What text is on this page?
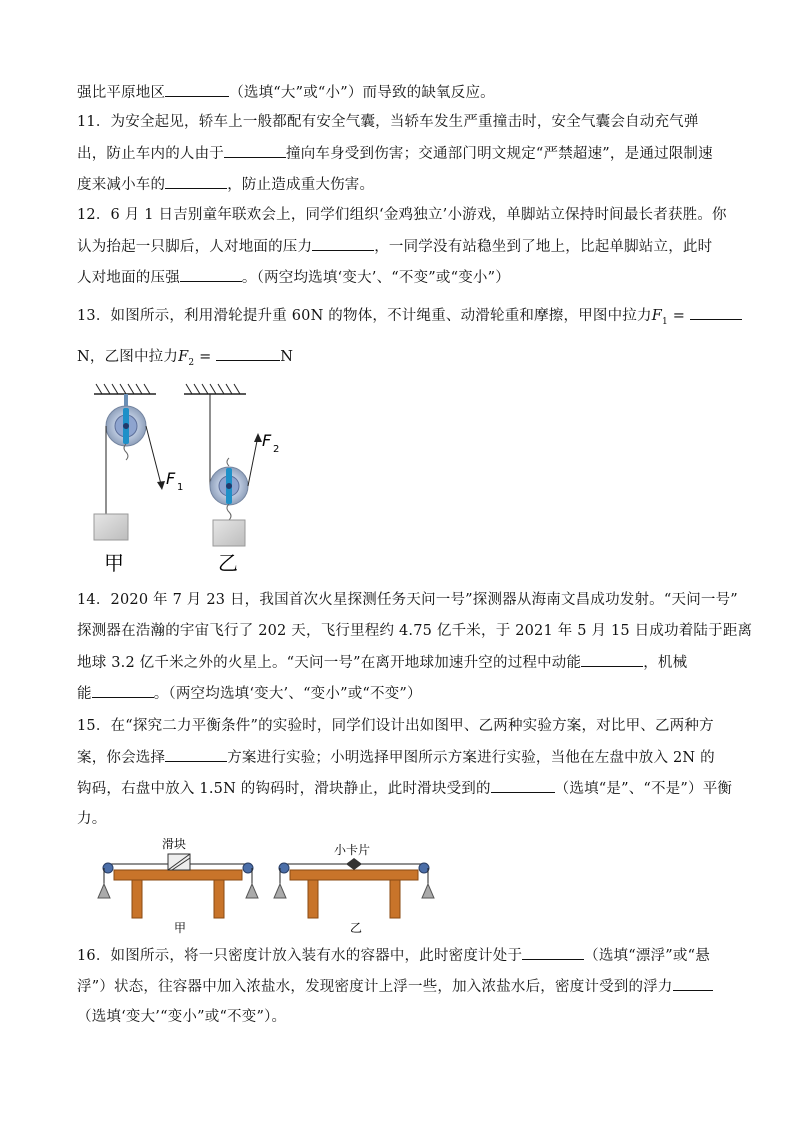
强比平原地区	（选填“大”或“小”）而导致的缺氧反应。
11．为安全起见，轿车上一般都配有安全气囊，当轿车发生严重撞击时，安全气囊会自动充气弹
出，防止车内的人由于	撞向车身受到伤害；交通部门明文规定“严禁超速”，是通过限制速
度来减小车的	，防止造成重大伤害。
12．6 月 1 日吉别童年联欢会上，同学们组织‘金鸡独立’小游戏，单脚站立保持时间最长者获胜。你
认为抬起一只脚后，人对地面的压力	，一同学没有站稳坐到了地上，比起单脚站立，此时
人对地面的压强	。（两空均选填‘变大’、“不变”或“变小”）
13．如图所示，利用滑轮提升重 60N 的物体，不计绳重、动滑轮重和摩擦，甲图中拉力$F_1$ =
N，乙图中拉力$F_2$ =	N
F 1
甲
F 2
乙
14．2020 年 7 月 23 日，我国首次火星探测任务天问一号”探测器从海南文昌成功发射。“天问一号”
探测器在浩瀚的宇宙飞行了 202 天，飞行里程约 4.75 亿千米，于 2021 年 5 月 15 日成功着陆于距离
地球 3.2 亿千米之外的火星上。“天问一号”在离开地球加速升空的过程中动能	，机械
能	。（两空均选填‘变大’、“变小”或“不变”）
15．在“探究二力平衡条件”的实验时，同学们设计出如图甲、乙两种实验方案，对比甲、乙两种方
案，你会选择	方案进行实验；小明选择甲图所示方案进行实验，当他在左盘中放入 2N 的
钩码，右盘中放入 1.5N 的钩码时，滑块静止，此时滑块受到的	（选填“是”、“不是”）平衡
力。
滑块
甲
小卡片
乙
16．如图所示，将一只密度计放入装有水的容器中，此时密度计处于	（选填“漂浮”或“悬
浮”）状态，往容器中加入浓盐水，发现密度计上浮一些，加入浓盐水后，密度计受到的浮力
（选填‘变大’“变小”或“不变”）。
